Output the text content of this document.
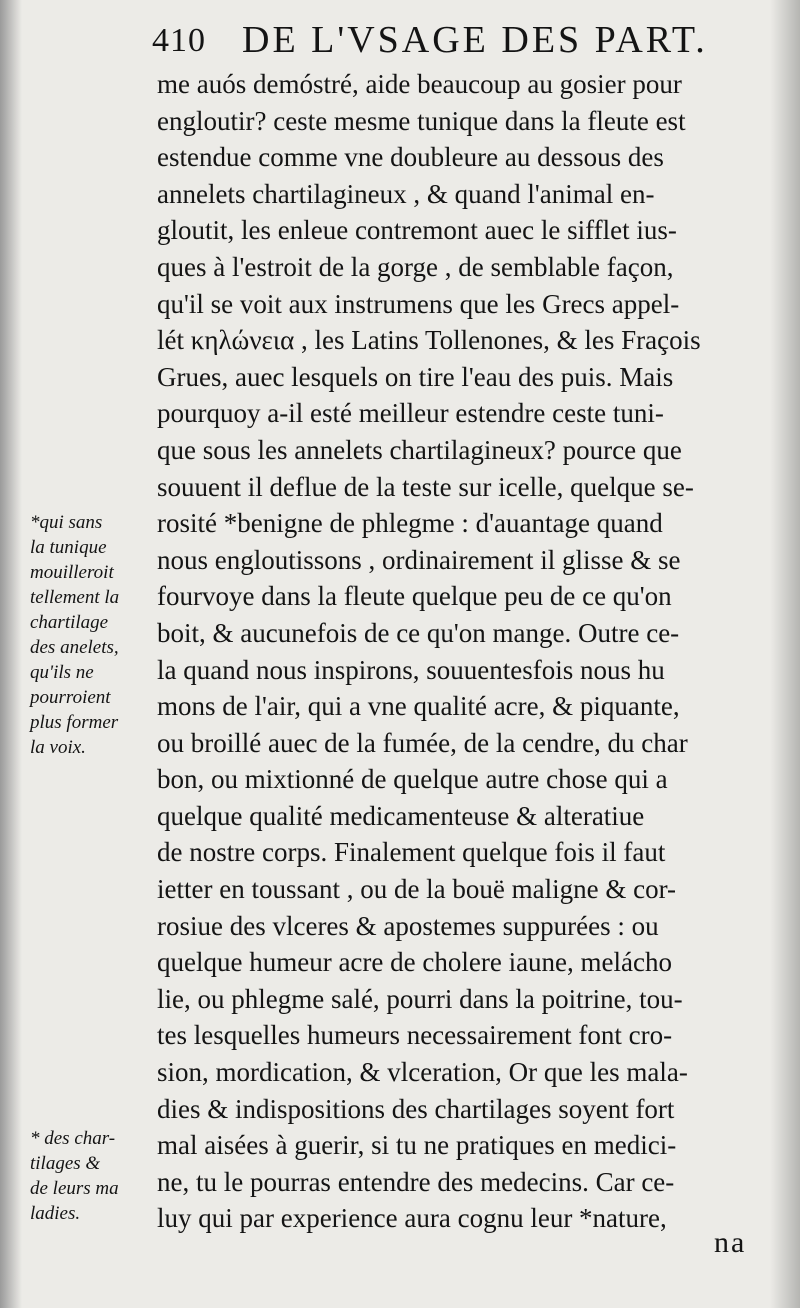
410 DE L'VSAGE DES PART.
me auós demóstré, aide beaucoup au gosier pour
engloutir? ceste mesme tunique dans la fleute est
estendue comme vne doubleure au dessous des
annelets chartilagineux , & quand l'animal en-
gloutit, les enleue contremont auec le sifflet ius-
ques à l'estroit de la gorge , de semblable façon,
qu'il se voit aux instrumens que les Grecs appel-
lét κηλώνεια , les Latins Tollenones, & les Fraçois
Grues, auec lesquels on tire l'eau des puis. Mais
pourquoy a-il esté meilleur estendre ceste tuni-
que sous les annelets chartilagineux? pource que
souuent il deflue de la teste sur icelle, quelque se-
rosité *benigne de phlegme : d'auantage quand
nous engloutissons , ordinairement il glisse & se
fourvoye dans la fleute quelque peu de ce qu'on
boit, & aucunefois de ce qu'on mange. Outre ce-
la quand nous inspirons, souuentesfois nous hu
mons de l'air, qui a vne qualité acre, & piquante,
ou broillé auec de la fumée, de la cendre, du char
bon, ou mixtionné de quelque autre chose qui a
quelque qualité medicamenteuse & alteratiue
de nostre corps. Finalement quelque fois il faut
ietter en toussant , ou de la bouë maligne & cor-
rosiue des vlceres & apostemes suppurées : ou
quelque humeur acre de cholere iaune, melácho
lie, ou phlegme salé, pourri dans la poitrine, tou-
tes lesquelles humeurs necessairement font cro-
sion, mordication, & vlceration, Or que les mala-
dies & indispositions des chartilages soyent fort
mal aisées à guerir, si tu ne pratiques en medici-
ne, tu le pourras entendre des medecins. Car ce-
luy qui par experience aura cognu leur *nature,
na
*qui sans
la tunique
mouilleroit
tellement la
chartilage
des anelets,
qu'ils ne
pourroient
plus former
la voix.
* des char-
tilages &
de leurs ma
ladies.
